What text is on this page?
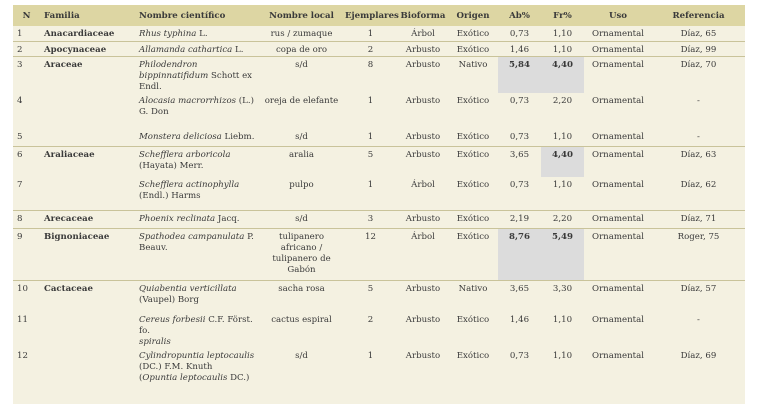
N	Familia	Nombre científico	Nombre local	Ejemplares	Bioforma	Origen	Ab%	Fr%	Uso	Referencia
1	Anacardiaceae	Rhus typhina L.	rus / zumaque	1	Árbol	Exótico	0,73	1,10	Ornamental	Díaz, 65
2	Apocynaceae	Allamanda cathartica L.	copa de oro	2	Arbusto	Exótico	1,46	1,10	Ornamental	Díaz, 99
3	Araceae	Philodendron bippinnatifidum Schott ex Endl.	s/d	8	Arbusto	Nativo	5,84	4,40	Ornamental	Díaz, 70
4		Alocasia macrorrhizos (L.) G. Don	oreja de elefante	1	Arbusto	Exótico	0,73	2,20	Ornamental	-
5		Monstera deliciosa Liebm.	s/d	1	Arbusto	Exótico	0,73	1,10	Ornamental	-
6	Araliaceae	Schefflera arboricola (Hayata) Merr.	aralia	5	Arbusto	Exótico	3,65	4,40	Ornamental	Díaz, 63
7		Schefflera actinophylla (Endl.) Harms	pulpo	1	Árbol	Exótico	0,73	1,10	Ornamental	Díaz, 62
8	Arecaceae	Phoenix reclinata Jacq.	s/d	3	Arbusto	Exótico	2,19	2,20	Ornamental	Díaz, 71
9	Bignoniaceae	Spathodea campanulata P. Beauv.	tulipanero africano / tulipanero de Gabón	12	Árbol	Exótico	8,76	5,49	Ornamental	Roger, 75
10	Cactaceae	Quiabentia verticillata (Vaupel) Borg	sacha rosa	5	Arbusto	Nativo	3,65	3,30	Ornamental	Díaz, 57
11		Cereus forbesii C.F. Först. fo.
spiralis	cactus espiral	2	Arbusto	Exótico	1,46	1,10	Ornamental	-
12		Cylindropuntia leptocaulis (DC.) F.M. Knuth
(Opuntia leptocaulis DC.)	s/d	1	Arbusto	Exótico	0,73	1,10	Ornamental	Díaz, 69
